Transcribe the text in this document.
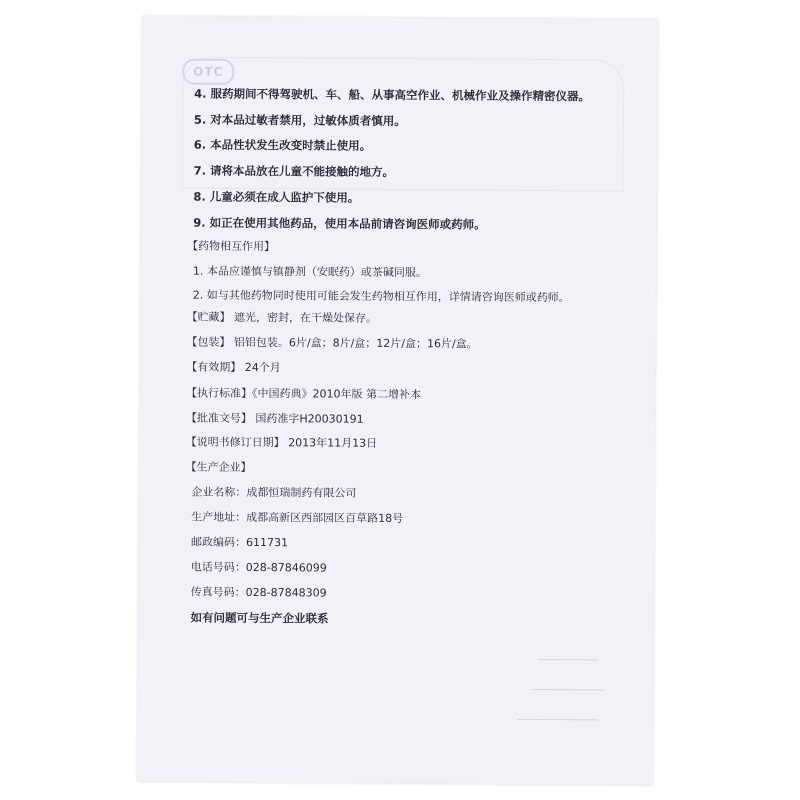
OTC
4. 服药期间不得驾驶机、车、船、从事高空作业、机械作业及操作精密仪器。
5. 对本品过敏者禁用，过敏体质者慎用。
6. 本品性状发生改变时禁止使用。
7. 请将本品放在儿童不能接触的地方。
8. 儿童必须在成人监护下使用。
9. 如正在使用其他药品，使用本品前请咨询医师或药师。
【药物相互作用】
1. 本品应谨慎与镇静剂（安眠药）或茶碱同服。
2. 如与其他药物同时使用可能会发生药物相互作用，详情请咨询医师或药师。
【贮藏】 遮光，密封，在干燥处保存。
【包装】 铝铝包装。6片/盒；8片/盒；12片/盒；16片/盒。
【有效期】 24个月
【执行标准】《中国药典》2010年版 第二增补本
【批准文号】 国药准字H20030191
【说明书修订日期】 2013年11月13日
【生产企业】
企业名称：成都恒瑞制药有限公司
生产地址：成都高新区西部园区百草路18号
邮政编码：611731
电话号码：028-87846099
传真号码：028-87848309
如有问题可与生产企业联系
